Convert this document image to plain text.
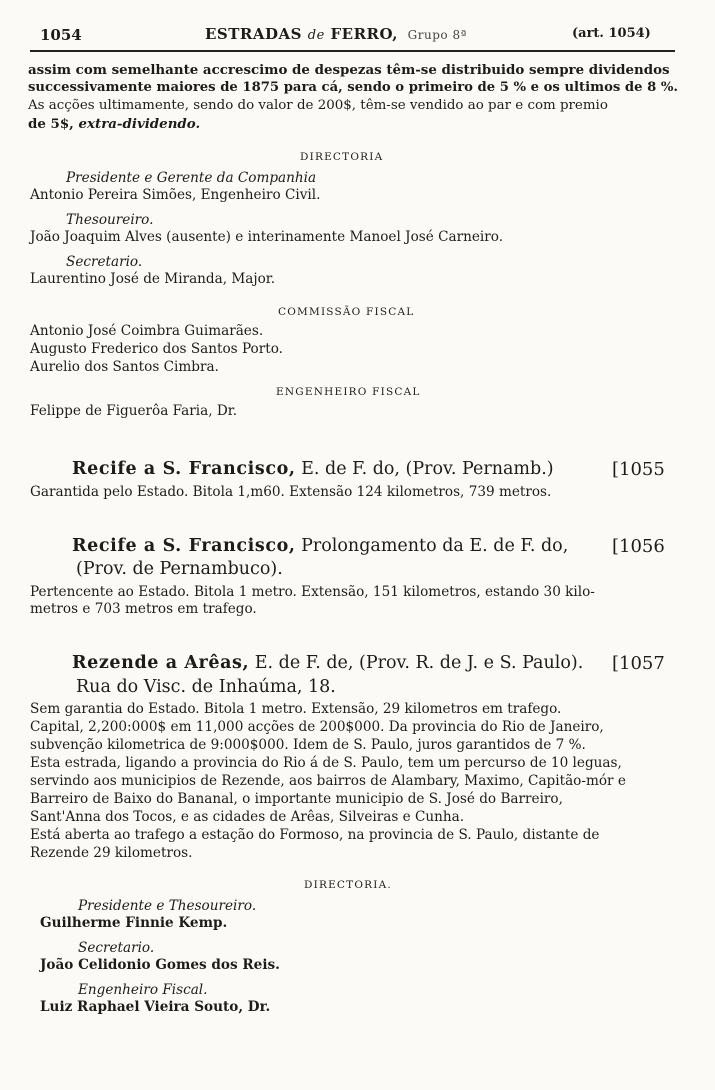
1054	ESTRADAS de FERRO, Grupo 8ª	(art. 1054)
assim com semelhante accrescimo de despezas têm-se distribuido sempre dividendos
successivamente maiores de 1875 para cá, sendo o primeiro de 5 % e os ultimos de 8 %.
As acções ultimamente, sendo do valor de 200$, têm-se vendido ao par e com premio
de 5$, extra-dividendo.
DIRECTORIA
Presidente e Gerente da Companhia
Antonio Pereira Simões, Engenheiro Civil.
Thesoureiro.
João Joaquim Alves (ausente) e interinamente Manoel José Carneiro.
Secretario.
Laurentino José de Miranda, Major.
COMMISSÃO FISCAL
Antonio José Coimbra Guimarães.
Augusto Frederico dos Santos Porto.
Aurelio dos Santos Cimbra.
ENGENHEIRO FISCAL
Felippe de Figuerôa Faria, Dr.
Recife a S. Francisco, E. de F. do, (Prov. Pernamb.)	[1055
Garantida pelo Estado. Bitola 1,m60. Extensão 124 kilometros, 739 metros.
Recife a S. Francisco, Prolongamento da E. de F. do, [1056
(Prov. de Pernambuco).
Pertencente ao Estado. Bitola 1 metro. Extensão, 151 kilometros, estando 30 kilo-
metros e 703 metros em trafego.
Rezende a Arêas, E. de F. de, (Prov. R. de J. e S. Paulo). [1057
Rua do Visc. de Inhaúma, 18.
Sem garantia do Estado. Bitola 1 metro. Extensão, 29 kilometros em trafego.
Capital, 2,200:000$ em 11,000 acções de 200$000. Da provincia do Rio de Janeiro,
subvenção kilometrica de 9:000$000. Idem de S. Paulo, juros garantidos de 7 %.
Esta estrada, ligando a provincia do Rio á de S. Paulo, tem um percurso de 10 leguas,
servindo aos municipios de Rezende, aos bairros de Alambary, Maximo, Capitão-mór e
Barreiro de Baixo do Bananal, o importante municipio de S. José do Barreiro,
Sant'Anna dos Tocos, e as cidades de Arêas, Silveiras e Cunha.
Está aberta ao trafego a estação do Formoso, na provincia de S. Paulo, distante de
Rezende 29 kilometros.
DIRECTORIA.
Presidente e Thesoureiro.
Guilherme Finnie Kemp.
Secretario.
João Celidonio Gomes dos Reis.
Engenheiro Fiscal.
Luiz Raphael Vieira Souto, Dr.
